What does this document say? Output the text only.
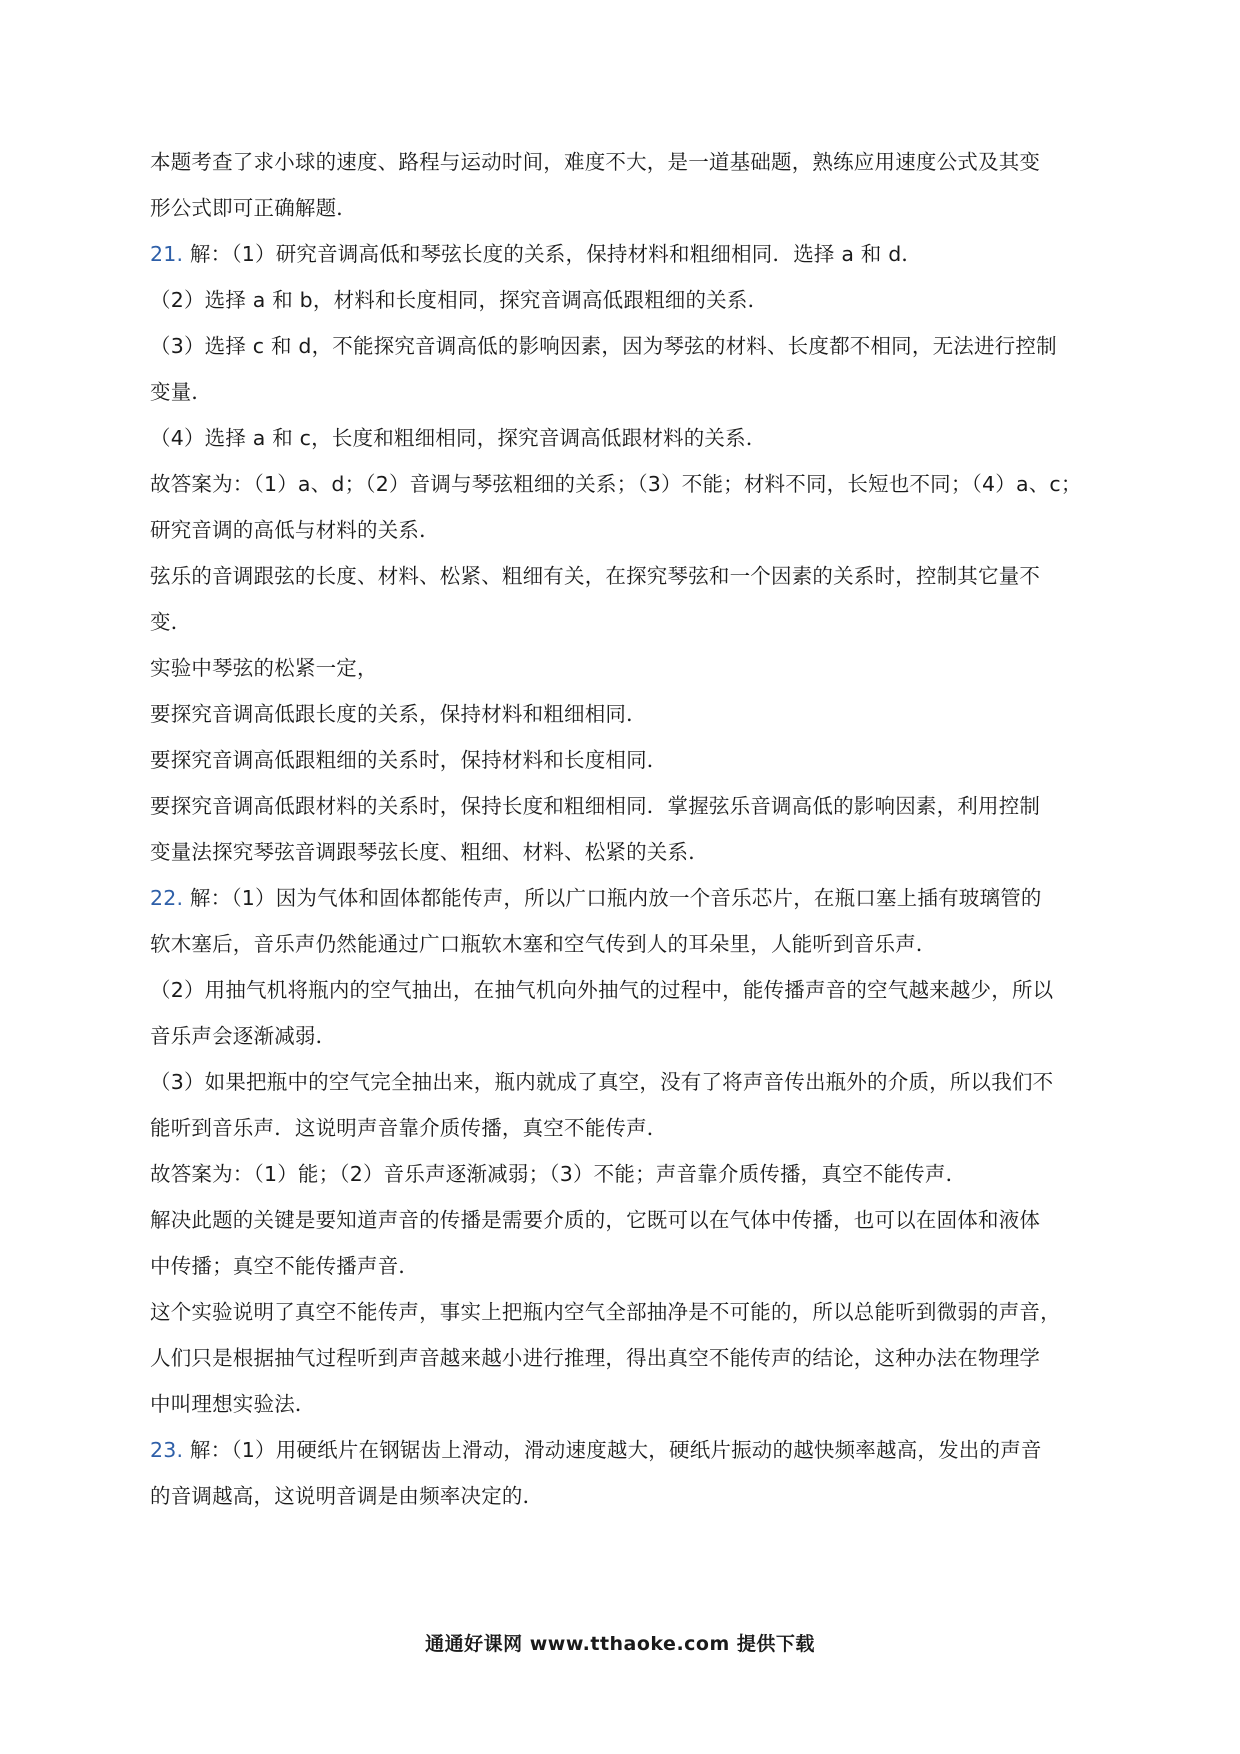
本题考查了求小球的速度、路程与运动时间，难度不大，是一道基础题，熟练应用速度公式及其变
形公式即可正确解题．
21. 解：（1）研究音调高低和琴弦长度的关系，保持材料和粗细相同．选择 a 和 d．
（2）选择 a 和 b，材料和长度相同，探究音调高低跟粗细的关系．
（3）选择 c 和 d，不能探究音调高低的影响因素，因为琴弦的材料、长度都不相同，无法进行控制
变量．
（4）选择 a 和 c，长度和粗细相同，探究音调高低跟材料的关系．
故答案为：（1）a、d；（2）音调与琴弦粗细的关系；（3）不能；材料不同，长短也不同；（4）a、c；
研究音调的高低与材料的关系．
弦乐的音调跟弦的长度、材料、松紧、粗细有关，在探究琴弦和一个因素的关系时，控制其它量不
变．
实验中琴弦的松紧一定，
要探究音调高低跟长度的关系，保持材料和粗细相同．
要探究音调高低跟粗细的关系时，保持材料和长度相同．
要探究音调高低跟材料的关系时，保持长度和粗细相同．掌握弦乐音调高低的影响因素，利用控制
变量法探究琴弦音调跟琴弦长度、粗细、材料、松紧的关系．
22. 解：（1）因为气体和固体都能传声，所以广口瓶内放一个音乐芯片，在瓶口塞上插有玻璃管的
软木塞后，音乐声仍然能通过广口瓶软木塞和空气传到人的耳朵里，人能听到音乐声．
（2）用抽气机将瓶内的空气抽出，在抽气机向外抽气的过程中，能传播声音的空气越来越少，所以
音乐声会逐渐减弱．
（3）如果把瓶中的空气完全抽出来，瓶内就成了真空，没有了将声音传出瓶外的介质，所以我们不
能听到音乐声．这说明声音靠介质传播，真空不能传声．
故答案为：（1）能；（2）音乐声逐渐减弱；（3）不能；声音靠介质传播，真空不能传声．
解决此题的关键是要知道声音的传播是需要介质的，它既可以在气体中传播，也可以在固体和液体
中传播；真空不能传播声音．
这个实验说明了真空不能传声，事实上把瓶内空气全部抽净是不可能的，所以总能听到微弱的声音，
人们只是根据抽气过程听到声音越来越小进行推理，得出真空不能传声的结论，这种办法在物理学
中叫理想实验法．
23. 解：（1）用硬纸片在钢锯齿上滑动，滑动速度越大，硬纸片振动的越快频率越高，发出的声音
的音调越高，这说明音调是由频率决定的．
通通好课网 www.tthaoke.com 提供下载
